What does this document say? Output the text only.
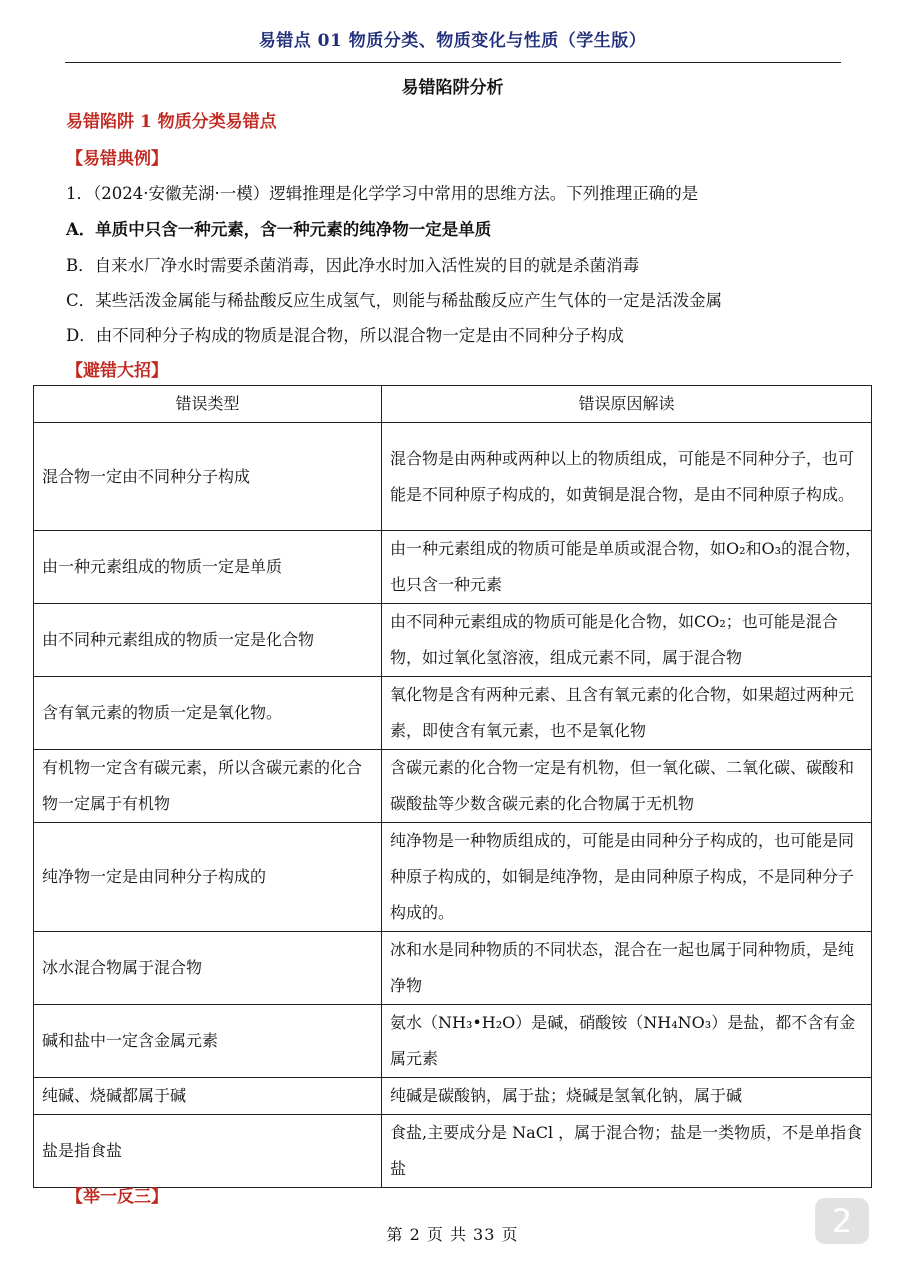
易错点 01 物质分类、物质变化与性质（学生版）
易错陷阱分析
易错陷阱 1 物质分类易错点
【易错典例】
1．（2024·安徽芜湖·一模）逻辑推理是化学学习中常用的思维方法。下列推理正确的是
A．单质中只含一种元素，含一种元素的纯净物一定是单质
B．自来水厂净水时需要杀菌消毒，因此净水时加入活性炭的目的就是杀菌消毒
C．某些活泼金属能与稀盐酸反应生成氢气，则能与稀盐酸反应产生气体的一定是活泼金属
D．由不同种分子构成的物质是混合物，所以混合物一定是由不同种分子构成
【避错大招】
错误类型	错误原因解读
混合物一定由不同种分子构成	混合物是由两种或两种以上的物质组成，可能是不同种分子，也可能是不同种原子构成的，如黄铜是混合物，是由不同种原子构成。
由一种元素组成的物质一定是单质	由一种元素组成的物质可能是单质或混合物，如O₂和O₃的混合物，也只含一种元素
由不同种元素组成的物质一定是化合物	由不同种元素组成的物质可能是化合物，如CO₂；也可能是混合物，如过氧化氢溶液，组成元素不同，属于混合物
含有氧元素的物质一定是氧化物。	氧化物是含有两种元素、且含有氧元素的化合物，如果超过两种元素，即使含有氧元素，也不是氧化物
有机物一定含有碳元素，所以含碳元素的化合物一定属于有机物	含碳元素的化合物一定是有机物，但一氧化碳、二氧化碳、碳酸和碳酸盐等少数含碳元素的化合物属于无机物
纯净物一定是由同种分子构成的	纯净物是一种物质组成的，可能是由同种分子构成的，也可能是同种原子构成的，如铜是纯净物，是由同种原子构成，不是同种分子构成的。
冰水混合物属于混合物	冰和水是同种物质的不同状态，混合在一起也属于同种物质，是纯净物
碱和盐中一定含金属元素	氨水（NH₃•H₂O）是碱，硝酸铵（NH₄NO₃）是盐，都不含有金属元素
纯碱、烧碱都属于碱	纯碱是碳酸钠，属于盐；烧碱是氢氧化钠，属于碱
盐是指食盐	食盐,主要成分是 NaCl ，属于混合物；盐是一类物质，不是单指食盐
【举一反三】
第 2 页 共 33 页	2
